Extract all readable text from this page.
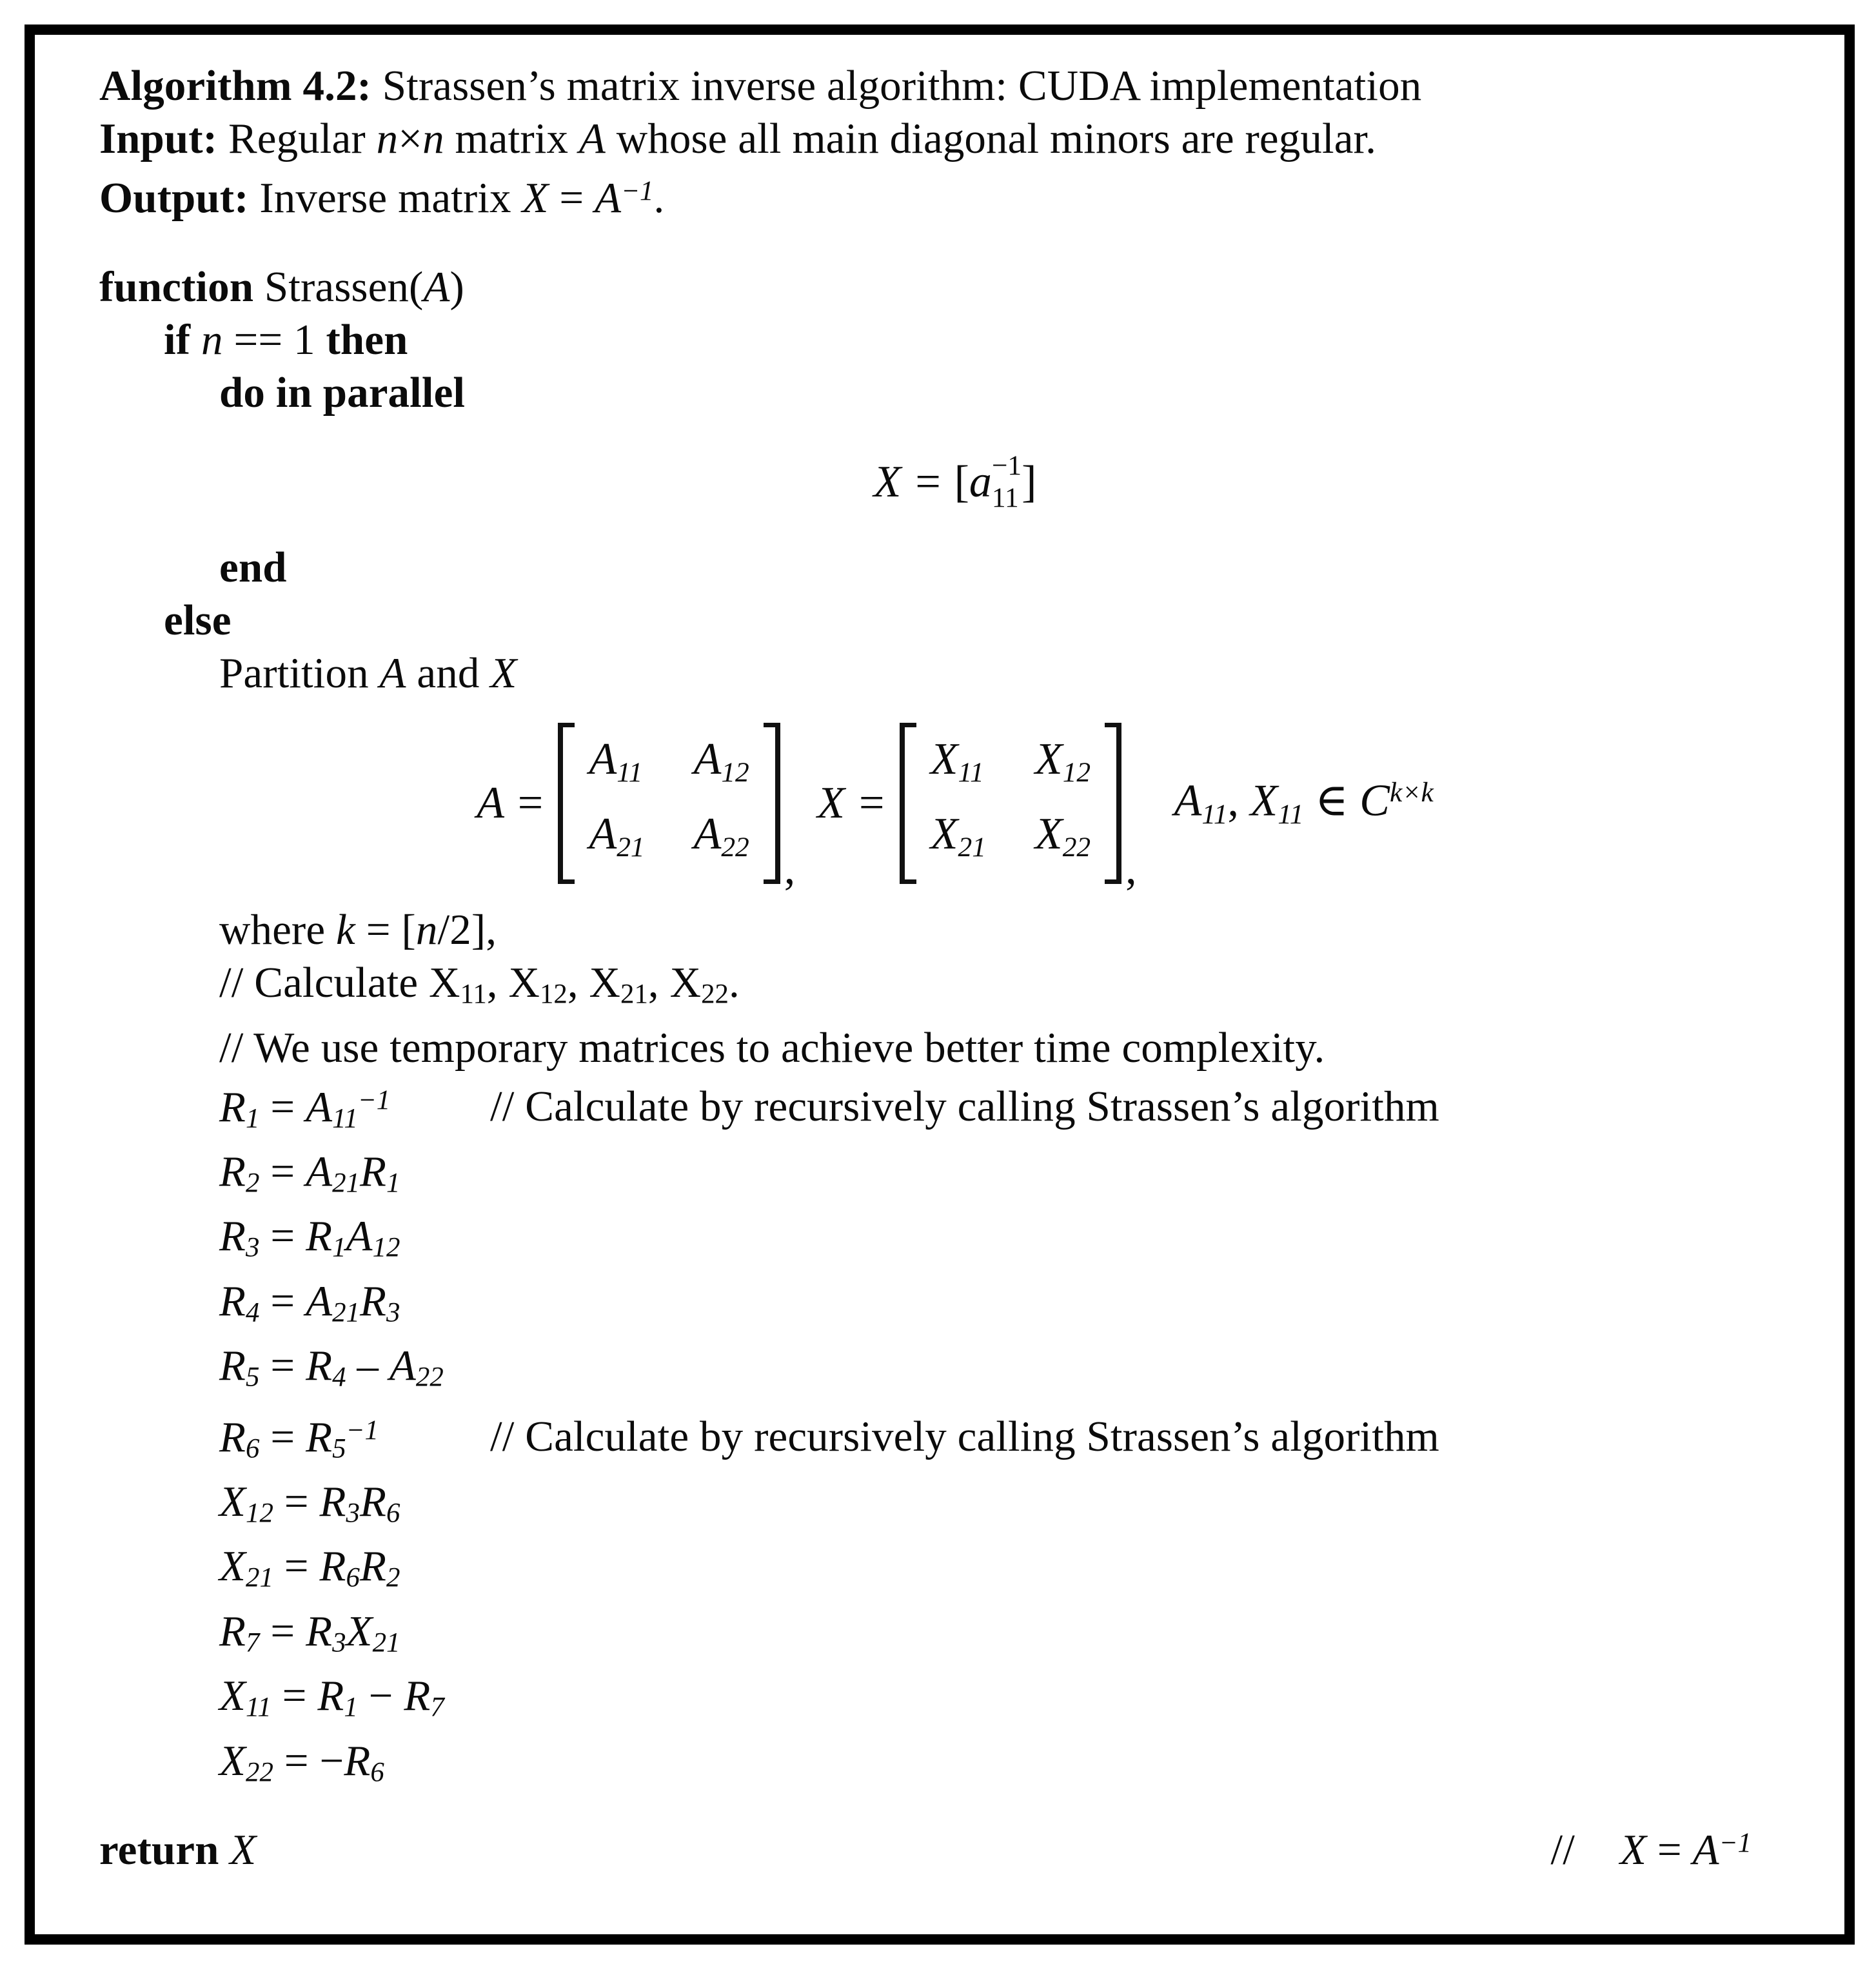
Algorithm 4.2: Strassen’s matrix inverse algorithm: CUDA implementation
Input: Regular n×n matrix A whose all main diagonal minors are regular.
Output: Inverse matrix $X = A^{-1}$.
function Strassen(A)
if n == 1 then
do in parallel
X = [a −1
11 ]
end
else
Partition A and X
A =
A11 A12
A21 A22 ,
X =
X11 X12
X21 X22 ,
A11, X11 ∈ $C^{k\times k}$
where k = [n/2],
// Calculate $X_{11}$, $X_{12}$, $X_{21}$, $X_{22}$.
// We use temporary matrices to achieve better time complexity.
$R_1 = A_{11}^{-1}$	// Calculate by recursively calling Strassen’s algorithm
$R_2 = A_{21}R_1$
$R_3 = R_1A_{12}$
$R_4 = A_{21}R_3$
$R_5 = R_4 - A_{22}$
$R_6 = R_5^{-1}$	// Calculate by recursively calling Strassen’s algorithm
$X_{12} = R_3R_6$
$X_{21} = R_6R_2$
$R_7 = R_3X_{21}$
$X_{11} = R_1 - R_7$
$X_{22} = -R_6$
return X	// $X = A^{-1}$
